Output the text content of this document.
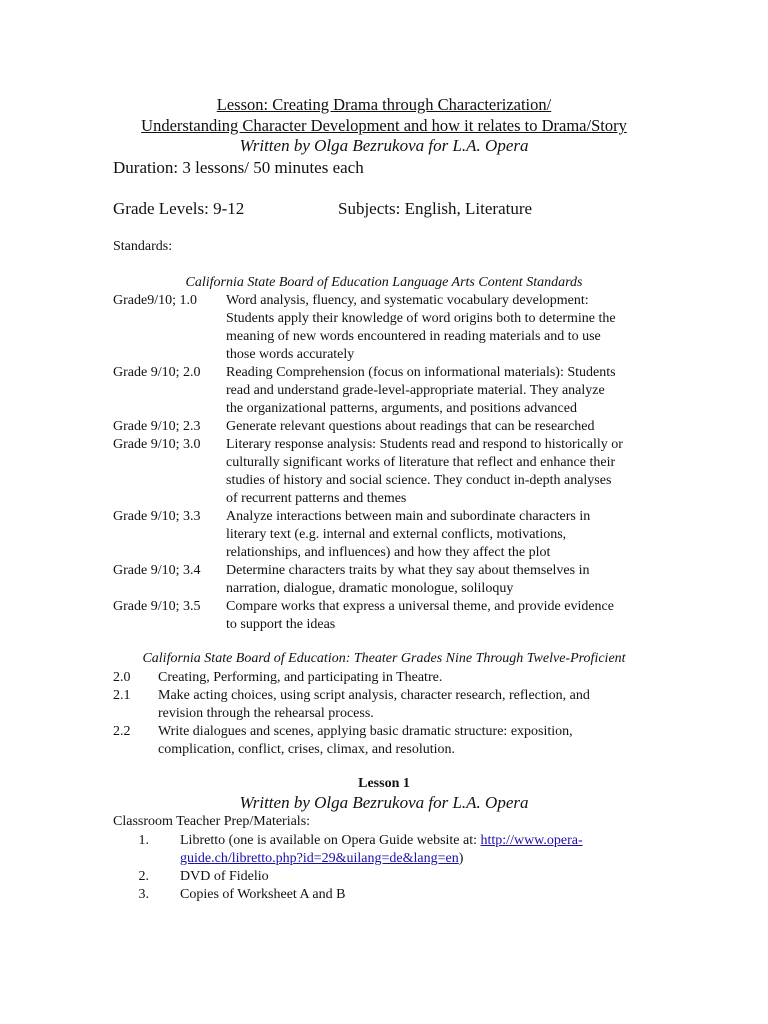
Lesson: Creating Drama through Characterization/
Understanding Character Development and how it relates to Drama/Story
Written by Olga Bezrukova for L.A. Opera
Duration: 3 lessons/ 50 minutes each
Grade Levels: 9-12	Subjects: English, Literature
Standards:
California State Board of Education Language Arts Content Standards
Grade9/10; 1.0 Word analysis, fluency, and systematic vocabulary development:
Students apply their knowledge of word origins both to determine the
meaning of new words encountered in reading materials and to use
those words accurately
Grade 9/10; 2.0 Reading Comprehension (focus on informational materials): Students
read and understand grade-level-appropriate material. They analyze
the organizational patterns, arguments, and positions advanced
Grade 9/10; 2.3 Generate relevant questions about readings that can be researched
Grade 9/10; 3.0 Literary response analysis: Students read and respond to historically or
culturally significant works of literature that reflect and enhance their
studies of history and social science. They conduct in-depth analyses
of recurrent patterns and themes
Grade 9/10; 3.3 Analyze interactions between main and subordinate characters in
literary text (e.g. internal and external conflicts, motivations,
relationships, and influences) and how they affect the plot
Grade 9/10; 3.4 Determine characters traits by what they say about themselves in
narration, dialogue, dramatic monologue, soliloquy
Grade 9/10; 3.5 Compare works that express a universal theme, and provide evidence
to support the ideas
California State Board of Education: Theater Grades Nine Through Twelve-Proficient
2.0 Creating, Performing, and participating in Theatre.
2.1 Make acting choices, using script analysis, character research, reflection, and
revision through the rehearsal process.
2.2 Write dialogues and scenes, applying basic dramatic structure: exposition,
complication, conflict, crises, climax, and resolution.
Lesson 1
Written by Olga Bezrukova for L.A. Opera
Classroom Teacher Prep/Materials:
1. Libretto (one is available on Opera Guide website at: http://www.opera-
guide.ch/libretto.php?id=29&uilang=de&lang=en)
2. DVD of Fidelio
3. Copies of Worksheet A and B
